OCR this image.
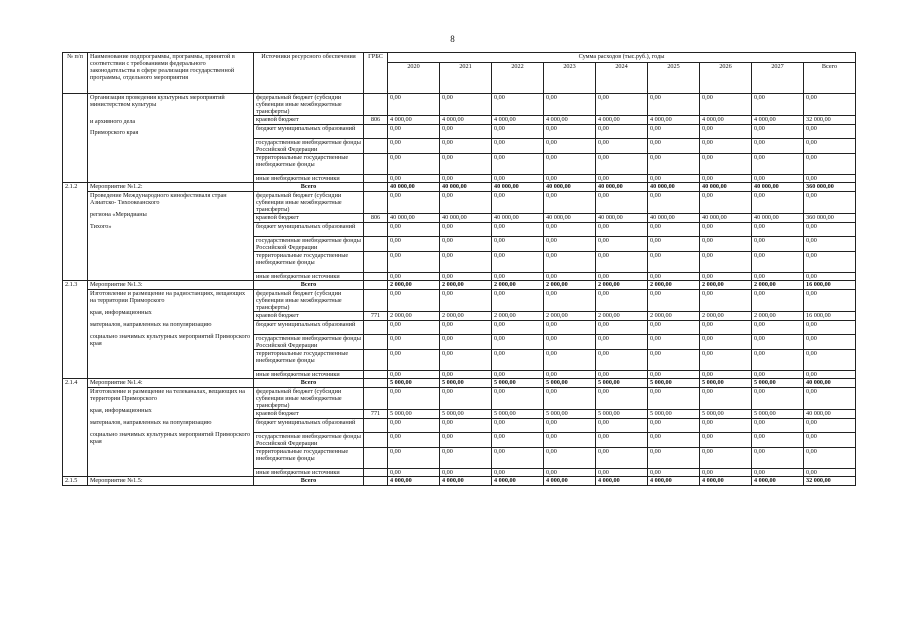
8
№ п/п	Наименование подпрограммы, программы, принятой в соответствии с требованиями федерального законодательства в сфере реализации государственной программы, отдельного мероприятия	Источники ресурсного обеспечения	ГРБС	Сумма расходов (тыс.руб.), годы								
				2020	2021	2022	2023	2024	2025	2026	2027	Всего

	Организация проведения культурных мероприятий министерством культуры
и архивного дела
Приморского края	федеральный бюджет (субсидии субвенции иные межбюджетные трансферты)		0,00	0,00	0,00	0,00	0,00	0,00	0,00	0,00	0,00
		краевой бюджет	806	4 000,00	4 000,00	4 000,00	4 000,00	4 000,00	4 000,00	4 000,00	4 000,00	32 000,00
		бюджет муниципальных образований		0,00	0,00	0,00	0,00	0,00	0,00	0,00	0,00	0,00
		государственные внебюджетные фонды Российской Федерации		0,00	0,00	0,00	0,00	0,00	0,00	0,00	0,00	0,00
		территориальные государственные внебюджетные фонды		0,00	0,00	0,00	0,00	0,00	0,00	0,00	0,00	0,00
		иные внебюджетные источники		0,00	0,00	0,00	0,00	0,00	0,00	0,00	0,00	0,00
2.1.2	Мероприятие №1.2:	Всего		40 000,00	40 000,00	40 000,00	40 000,00	40 000,00	40 000,00	40 000,00	40 000,00	360 000,00

	Проведение Международного кинофестиваля стран Азиатско- Тихоокеанского
региона «Меридианы
Тихого»	федеральный бюджет (субсидии субвенции иные межбюджетные трансферты)		0,00	0,00	0,00	0,00	0,00	0,00	0,00	0,00	0,00
		краевой бюджет	806	40 000,00	40 000,00	40 000,00	40 000,00	40 000,00	40 000,00	40 000,00	40 000,00	360 000,00
		бюджет муниципальных образований		0,00	0,00	0,00	0,00	0,00	0,00	0,00	0,00	0,00
		государственные внебюджетные фонды Российской Федерации		0,00	0,00	0,00	0,00	0,00	0,00	0,00	0,00	0,00
		территориальные государственные внебюджетные фонды		0,00	0,00	0,00	0,00	0,00	0,00	0,00	0,00	0,00
		иные внебюджетные источники		0,00	0,00	0,00	0,00	0,00	0,00	0,00	0,00	0,00
2.1.3	Мероприятие №1.3:	Всего		2 000,00	2 000,00	2 000,00	2 000,00	2 000,00	2 000,00	2 000,00	2 000,00	16 000,00

	Изготовление и размещение на радиостанциях, вещающих на территории Приморского
края, информационных
материалов, направленных на популяризацию
социально значимых культурных мероприятий Приморского края	федеральный бюджет (субсидии субвенции иные межбюджетные трансферты)		0,00	0,00	0,00	0,00	0,00	0,00	0,00	0,00	0,00
		краевой бюджет	771	2 000,00	2 000,00	2 000,00	2 000,00	2 000,00	2 000,00	2 000,00	2 000,00	16 000,00
		бюджет муниципальных образований		0,00	0,00	0,00	0,00	0,00	0,00	0,00	0,00	0,00
		государственные внебюджетные фонды Российской Федерации		0,00	0,00	0,00	0,00	0,00	0,00	0,00	0,00	0,00
		территориальные государственные внебюджетные фонды		0,00	0,00	0,00	0,00	0,00	0,00	0,00	0,00	0,00
		иные внебюджетные источники		0,00	0,00	0,00	0,00	0,00	0,00	0,00	0,00	0,00
2.1.4	Мероприятие №1.4:	Всего		5 000,00	5 000,00	5 000,00	5 000,00	5 000,00	5 000,00	5 000,00	5 000,00	40 000,00

	Изготовление и размещение на телеканалах, вещающих на территории Приморского
края, информационных
материалов, направленных на популяризацию
социально значимых культурных мероприятий Приморского края	федеральный бюджет (субсидии субвенции иные межбюджетные трансферты)		0,00	0,00	0,00	0,00	0,00	0,00	0,00	0,00	0,00
		краевой бюджет	771	5 000,00	5 000,00	5 000,00	5 000,00	5 000,00	5 000,00	5 000,00	5 000,00	40 000,00
		бюджет муниципальных образований		0,00	0,00	0,00	0,00	0,00	0,00	0,00	0,00	0,00
		государственные внебюджетные фонды Российской Федерации		0,00	0,00	0,00	0,00	0,00	0,00	0,00	0,00	0,00
		территориальные государственные внебюджетные фонды		0,00	0,00	0,00	0,00	0,00	0,00	0,00	0,00	0,00
		иные внебюджетные источники		0,00	0,00	0,00	0,00	0,00	0,00	0,00	0,00	0,00
2.1.5	Мероприятие №1.5:	Всего		4 000,00	4 000,00	4 000,00	4 000,00	4 000,00	4 000,00	4 000,00	4 000,00	32 000,00
